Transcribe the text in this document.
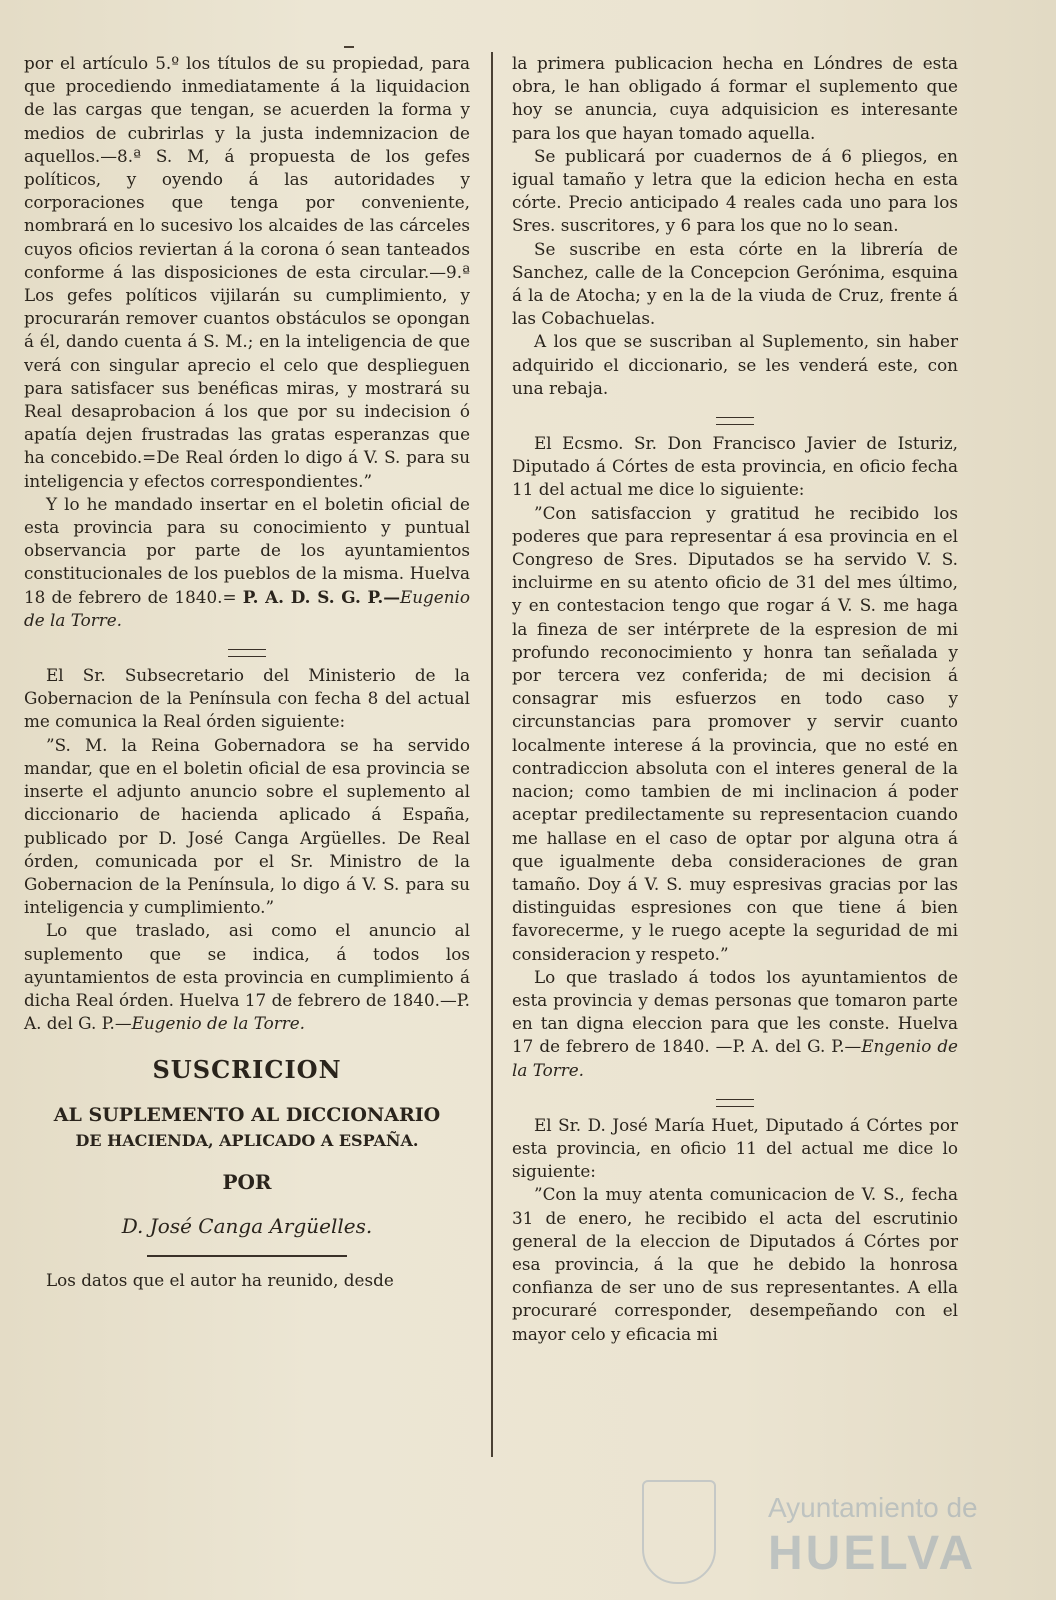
por el artículo 5.º los títulos de su propiedad, para que procediendo inmediatamente á la liquidacion de las cargas que tengan, se acuerden la forma y medios de cubrirlas y la justa indemnizacion de aquellos.—8.ª S. M, á propuesta de los gefes políticos, y oyendo á las autoridades y corporaciones que tenga por conveniente, nombrará en lo sucesivo los alcaides de las cárceles cuyos oficios reviertan á la corona ó sean tanteados conforme á las disposiciones de esta circular.—9.ª Los gefes políticos vijilarán su cumplimiento, y procurarán remover cuantos obstáculos se opongan á él, dando cuenta á S. M.; en la inteligencia de que verá con singular aprecio el celo que desplieguen para satisfacer sus benéficas miras, y mostrará su Real desaprobacion á los que por su indecision ó apatía dejen frustradas las gratas esperanzas que ha concebido.=De Real órden lo digo á V. S. para su inteligencia y efectos correspondientes.”

Y lo he mandado insertar en el boletin oficial de esta provincia para su conocimiento y puntual observancia por parte de los ayuntamientos constitucionales de los pueblos de la misma. Huelva 18 de febrero de 1840.= P. A. D. S. G. P.—Eugenio de la Torre.

El Sr. Subsecretario del Ministerio de la Gobernacion de la Península con fecha 8 del actual me comunica la Real órden siguiente:

”S. M. la Reina Gobernadora se ha servido mandar, que en el boletin oficial de esa provincia se inserte el adjunto anuncio sobre el suplemento al diccionario de hacienda aplicado á España, publicado por D. José Canga Argüelles. De Real órden, comunicada por el Sr. Ministro de la Gobernacion de la Península, lo digo á V. S. para su inteligencia y cumplimiento.”

Lo que traslado, asi como el anuncio al suplemento que se indica, á todos los ayuntamientos de esta provincia en cumplimiento á dicha Real órden. Huelva 17 de febrero de 1840.—P. A. del G. P.—Eugenio de la Torre.

SUSCRICION
AL SUPLEMENTO AL DICCIONARIO
DE HACIENDA, APLICADO A ESPAÑA.
POR
D. José Canga Argüelles.

Los datos que el autor ha reunido, desde

la primera publicacion hecha en Lóndres de esta obra, le han obligado á formar el suplemento que hoy se anuncia, cuya adquisicion es interesante para los que hayan tomado aquella.

Se publicará por cuadernos de á 6 pliegos, en igual tamaño y letra que la edicion hecha en esta córte. Precio anticipado 4 reales cada uno para los Sres. suscritores, y 6 para los que no lo sean.

Se suscribe en esta córte en la librería de Sanchez, calle de la Concepcion Gerónima, esquina á la de Atocha; y en la de la viuda de Cruz, frente á las Cobachuelas.

A los que se suscriban al Suplemento, sin haber adquirido el diccionario, se les venderá este, con una rebaja.

El Ecsmo. Sr. Don Francisco Javier de Isturiz, Diputado á Córtes de esta provincia, en oficio fecha 11 del actual me dice lo siguiente:

”Con satisfaccion y gratitud he recibido los poderes que para representar á esa provincia en el Congreso de Sres. Diputados se ha servido V. S. incluirme en su atento oficio de 31 del mes último, y en contestacion tengo que rogar á V. S. me haga la fineza de ser intérprete de la espresion de mi profundo reconocimiento y honra tan señalada y por tercera vez conferida; de mi decision á consagrar mis esfuerzos en todo caso y circunstancias para promover y servir cuanto localmente interese á la provincia, que no esté en contradiccion absoluta con el interes general de la nacion; como tambien de mi inclinacion á poder aceptar predilectamente su representacion cuando me hallase en el caso de optar por alguna otra á que igualmente deba consideraciones de gran tamaño. Doy á V. S. muy espresivas gracias por las distinguidas espresiones con que tiene á bien favorecerme, y le ruego acepte la seguridad de mi consideracion y respeto.”

Lo que traslado á todos los ayuntamientos de esta provincia y demas personas que tomaron parte en tan digna eleccion para que les conste. Huelva 17 de febrero de 1840. —P. A. del G. P.—Engenio de la Torre.

El Sr. D. José María Huet, Diputado á Córtes por esta provincia, en oficio 11 del actual me dice lo siguiente:

”Con la muy atenta comunicacion de V. S., fecha 31 de enero, he recibido el acta del escrutinio general de la eleccion de Diputados á Córtes por esa provincia, á la que he debido la honrosa confianza de ser uno de sus representantes. A ella procuraré corresponder, desempeñando con el mayor celo y eficacia mi

Ayuntamiento de
HUELVA
